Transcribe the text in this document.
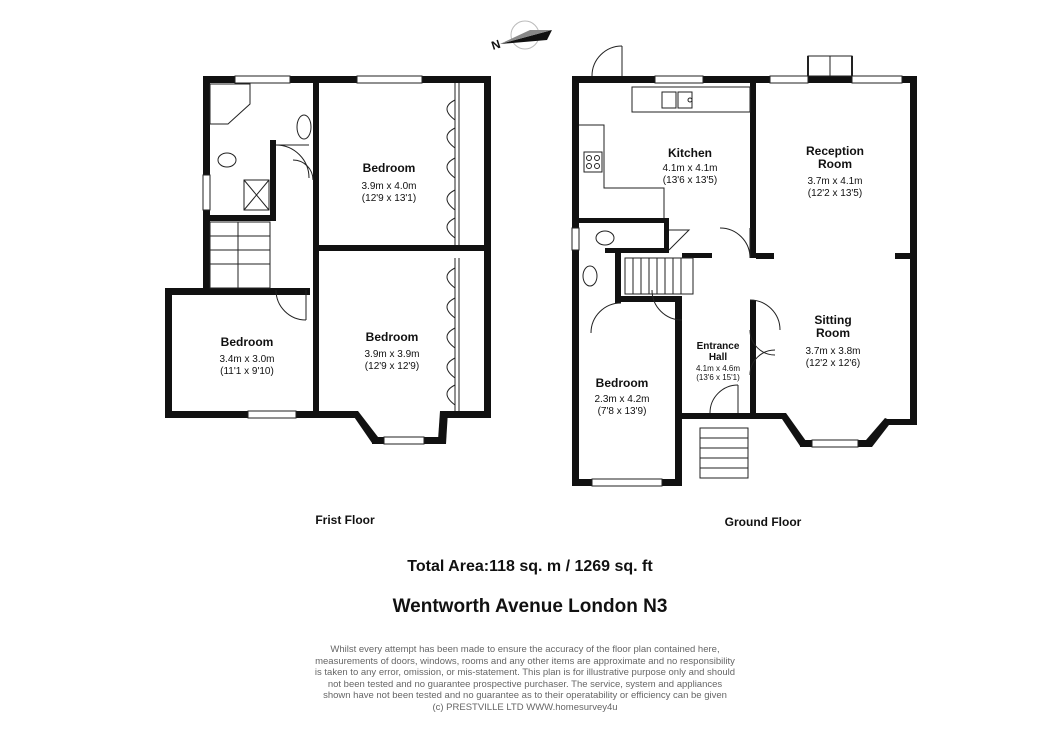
N
Bedroom
3.9m x 4.0m
(12'9 x 13'1)
Bedroom
3.9m x 3.9m
(12'9 x 12'9)
Bedroom
3.4m x 3.0m
(11'1 x 9'10)
Kitchen
4.1m x 4.1m
(13'6 x 13'5)
Reception
Room
3.7m x 4.1m
(12'2 x 13'5)
Sitting
Room
3.7m x 3.8m
(12'2 x 12'6)
Entrance
Hall
4.1m x 4.6m
(13'6 x 15'1)
Bedroom
2.3m x 4.2m
(7'8 x 13'9)
Frist Floor	Ground Floor
Total Area:118 sq. m / 1269 sq. ft
Wentworth Avenue London N3
Whilst every attempt has been made to ensure the accuracy of the floor plan contained here,
measurements of doors, windows, rooms and any other items are approximate and no responsibility
is taken to any error, omission, or mis-statement. This plan is for illustrative purpose only and should
not been tested and no guarantee prospective purchaser. The service, system and appliances
shown have not been tested and no guarantee as to their operatability or efficiency can be given
(c) PRESTVILLE LTD WWW.homesurvey4u
